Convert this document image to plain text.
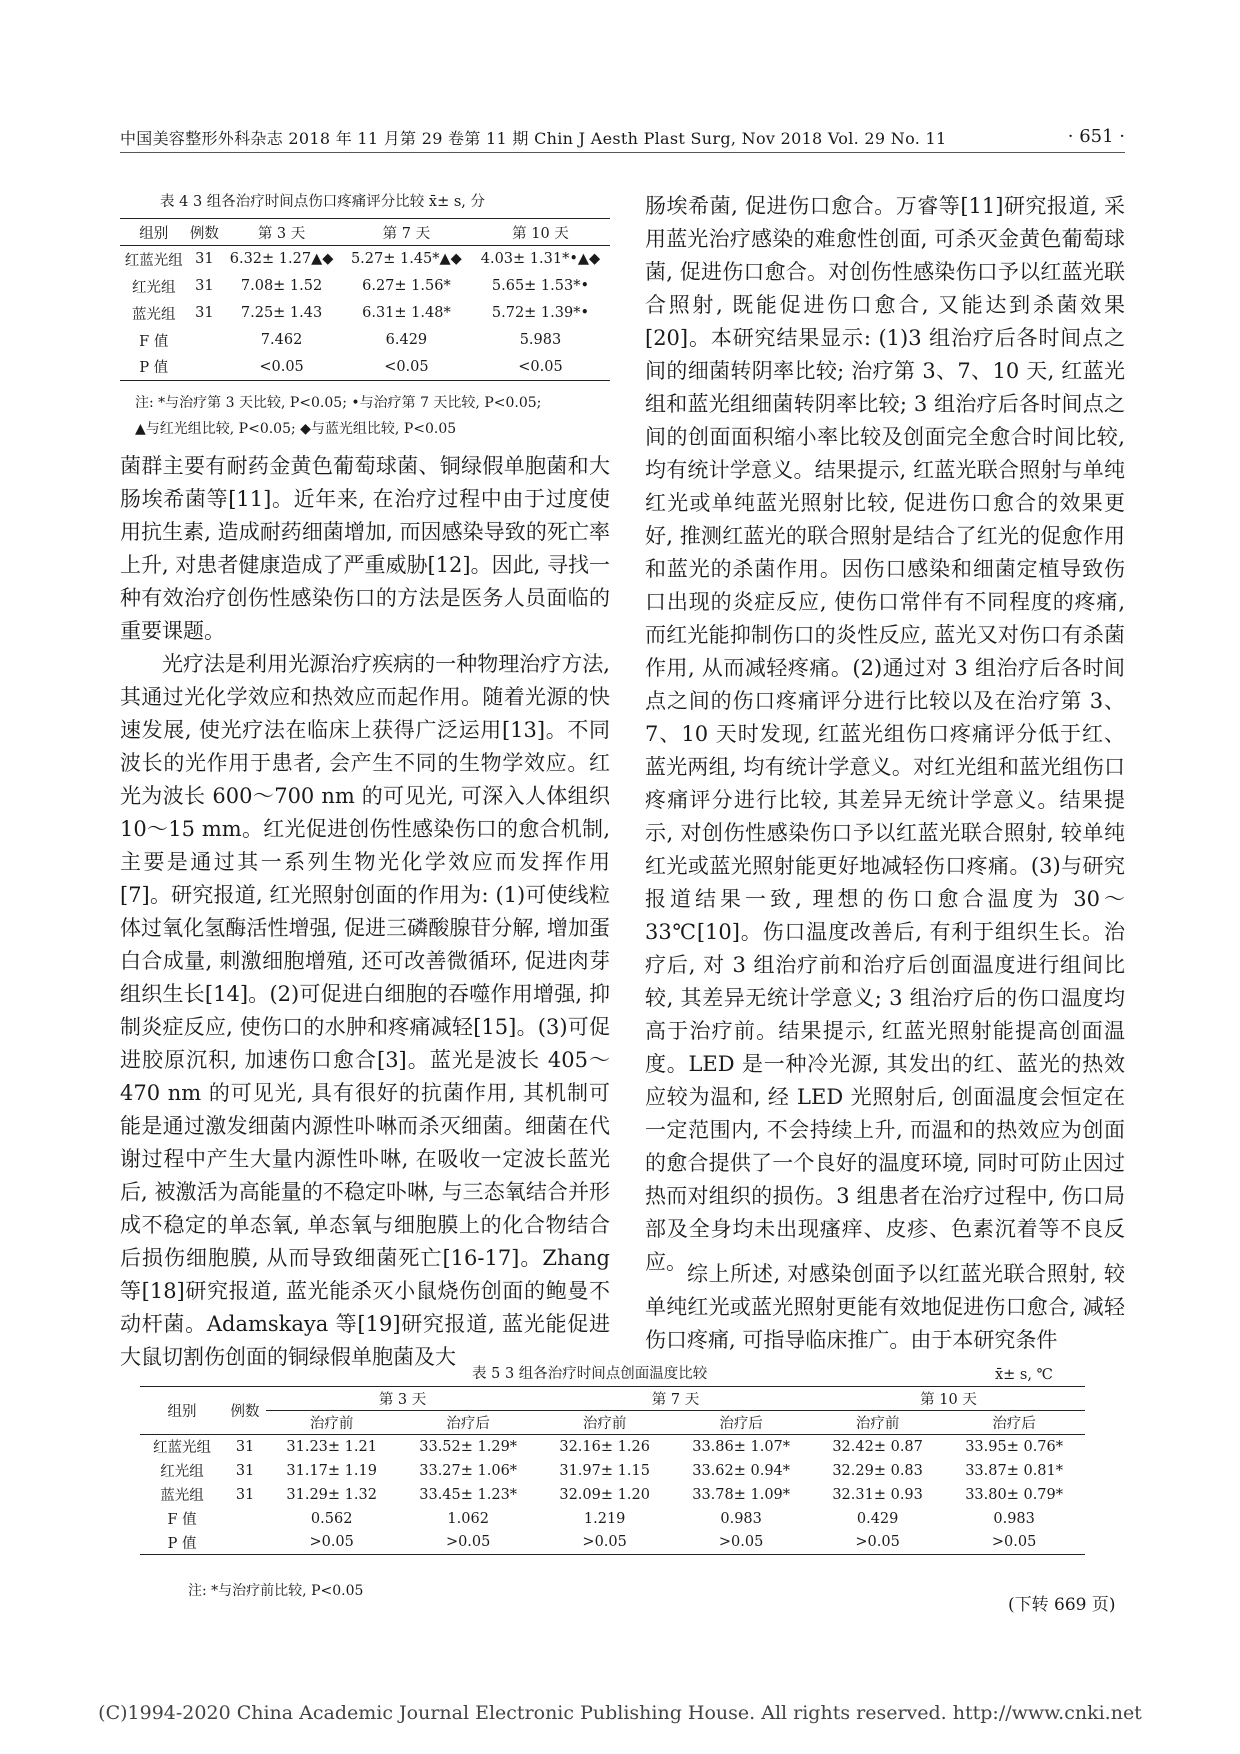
中国美容整形外科杂志 2018 年 11 月第 29 卷第 11 期 Chin J Aesth Plast Surg, Nov 2018 Vol. 29 No. 11	· 651 ·
表 4 3 组各治疗时间点伤口疼痛评分比较 x̄± s, 分
组别	例数	第 3 天	第 7 天	第 10 天
红蓝光组	31	6.32± 1.27▲◆	5.27± 1.45*▲◆	4.03± 1.31*•▲◆
红光组	31	7.08± 1.52	6.27± 1.56*	5.65± 1.53*•
蓝光组	31	7.25± 1.43	6.31± 1.48*	5.72± 1.39*•
F 值		7.462	6.429	5.983
P 值		<0.05	<0.05	<0.05
注: *与治疗第 3 天比较, P<0.05; •与治疗第 7 天比较, P<0.05;
▲与红光组比较, P<0.05; ◆与蓝光组比较, P<0.05

菌群主要有耐药金黄色葡萄球菌、铜绿假单胞菌和大肠埃希菌等[11]。近年来, 在治疗过程中由于过度使用抗生素, 造成耐药细菌增加, 而因感染导致的死亡率上升, 对患者健康造成了严重威胁[12]。因此, 寻找一种有效治疗创伤性感染伤口的方法是医务人员面临的重要课题。

光疗法是利用光源治疗疾病的一种物理治疗方法, 其通过光化学效应和热效应而起作用。随着光源的快速发展, 使光疗法在临床上获得广泛运用[13]。不同波长的光作用于患者, 会产生不同的生物学效应。红光为波长 600～700 nm 的可见光, 可深入人体组织 10～15 mm。红光促进创伤性感染伤口的愈合机制, 主要是通过其一系列生物光化学效应而发挥作用[7]。研究报道, 红光照射创面的作用为: (1)可使线粒体过氧化氢酶活性增强, 促进三磷酸腺苷分解, 增加蛋白合成量, 刺激细胞增殖, 还可改善微循环, 促进肉芽组织生长[14]。(2)可促进白细胞的吞噬作用增强, 抑制炎症反应, 使伤口的水肿和疼痛减轻[15]。(3)可促进胶原沉积, 加速伤口愈合[3]。蓝光是波长 405～470 nm 的可见光, 具有很好的抗菌作用, 其机制可能是通过激发细菌内源性卟啉而杀灭细菌。细菌在代谢过程中产生大量内源性卟啉, 在吸收一定波长蓝光后, 被激活为高能量的不稳定卟啉, 与三态氧结合并形成不稳定的单态氧, 单态氧与细胞膜上的化合物结合后损伤细胞膜, 从而导致细菌死亡[16-17]。Zhang 等[18]研究报道, 蓝光能杀灭小鼠烧伤创面的鲍曼不动杆菌。Adamskaya 等[19]研究报道, 蓝光能促进大鼠切割伤创面的铜绿假单胞菌及大

肠埃希菌, 促进伤口愈合。万睿等[11]研究报道, 采用蓝光治疗感染的难愈性创面, 可杀灭金黄色葡萄球菌, 促进伤口愈合。对创伤性感染伤口予以红蓝光联合照射, 既能促进伤口愈合, 又能达到杀菌效果[20]。本研究结果显示: (1)3 组治疗后各时间点之间的细菌转阴率比较; 治疗第 3、7、10 天, 红蓝光组和蓝光组细菌转阴率比较; 3 组治疗后各时间点之间的创面面积缩小率比较及创面完全愈合时间比较, 均有统计学意义。结果提示, 红蓝光联合照射与单纯红光或单纯蓝光照射比较, 促进伤口愈合的效果更好, 推测红蓝光的联合照射是结合了红光的促愈作用和蓝光的杀菌作用。因伤口感染和细菌定植导致伤口出现的炎症反应, 使伤口常伴有不同程度的疼痛, 而红光能抑制伤口的炎性反应, 蓝光又对伤口有杀菌作用, 从而减轻疼痛。(2)通过对 3 组治疗后各时间点之间的伤口疼痛评分进行比较以及在治疗第 3、7、10 天时发现, 红蓝光组伤口疼痛评分低于红、蓝光两组, 均有统计学意义。对红光组和蓝光组伤口疼痛评分进行比较, 其差异无统计学意义。结果提示, 对创伤性感染伤口予以红蓝光联合照射, 较单纯红光或蓝光照射能更好地减轻伤口疼痛。(3)与研究报道结果一致, 理想的伤口愈合温度为 30～33℃[10]。伤口温度改善后, 有利于组织生长。治疗后, 对 3 组治疗前和治疗后创面温度进行组间比较, 其差异无统计学意义; 3 组治疗后的伤口温度均高于治疗前。结果提示, 红蓝光照射能提高创面温度。LED 是一种冷光源, 其发出的红、蓝光的热效应较为温和, 经 LED 光照射后, 创面温度会恒定在一定范围内, 不会持续上升, 而温和的热效应为创面的愈合提供了一个良好的温度环境, 同时可防止因过热而对组织的损伤。3 组患者在治疗过程中, 伤口局部及全身均未出现瘙痒、皮疹、色素沉着等不良反应。 综上所述, 对感染创面予以红蓝光联合照射, 较单纯红光或蓝光照射更能有效地促进伤口愈合, 减轻伤口疼痛, 可指导临床推广。由于本研究条件

表 5 3 组各治疗时间点创面温度比较	x̄± s, ℃
组别	例数	第 3 天		第 7 天		第 10 天	
		治疗前	治疗后	治疗前	治疗后	治疗前	治疗后
红蓝光组	31	31.23± 1.21	33.52± 1.29*	32.16± 1.26	33.86± 1.07*	32.42± 0.87	33.95± 0.76*
红光组	31	31.17± 1.19	33.27± 1.06*	31.97± 1.15	33.62± 0.94*	32.29± 0.83	33.87± 0.81*
蓝光组	31	31.29± 1.32	33.45± 1.23*	32.09± 1.20	33.78± 1.09*	32.31± 0.93	33.80± 0.79*
F 值		0.562	1.062	1.219	0.983	0.429	0.983
P 值		>0.05	>0.05	>0.05	>0.05	>0.05	>0.05
注: *与治疗前比较, P<0.05
(下转 669 页)
(C)1994-2020 China Academic Journal Electronic Publishing House. All rights reserved. http://www.cnki.net
